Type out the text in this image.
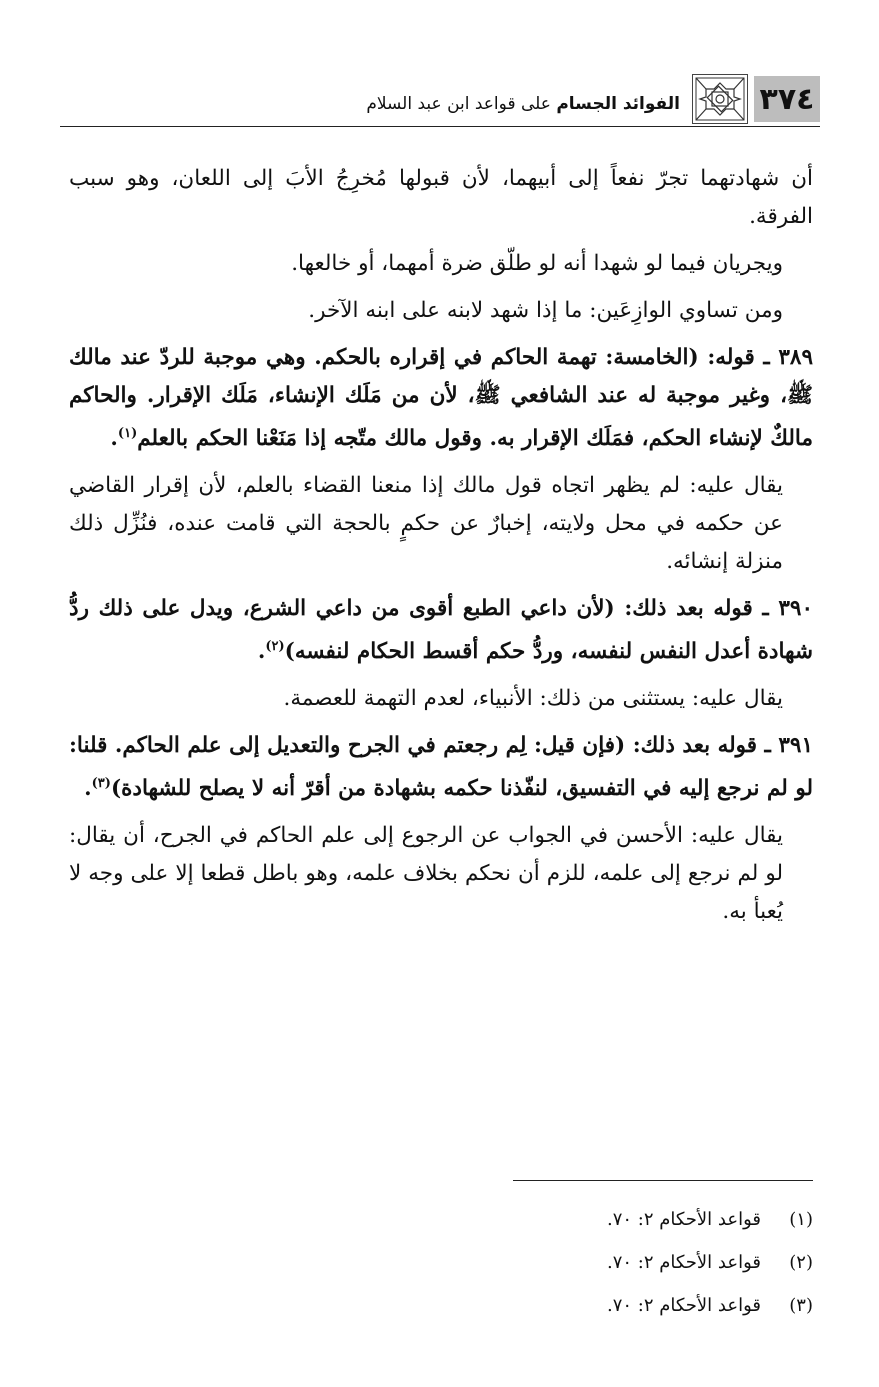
٣٧٤
الفوائد الجسام على قواعد ابن عبد السلام

أن شهادتهما تجرّ نفعاً إلى أبيهما، لأن قبولها مُخرِجُ الأبَ إلى اللعان، وهو سبب الفرقة.

ويجريان فيما لو شهدا أنه لو طلّق ضرة أمهما، أو خالعها.

ومن تساوي الوازِعَين: ما إذا شهد لابنه على ابنه الآخر.

٣٨٩ ـ قوله: (الخامسة: تهمة الحاكم في إقراره بالحكم. وهي موجبة للردّ عند مالك ﷺ، وغير موجبة له عند الشافعي ﷺ، لأن من مَلَك الإنشاء، مَلَك الإقرار. والحاكم مالكٌ لإنشاء الحكم، فمَلَك الإقرار به. وقول مالك متّجه إذا مَنَعْنا الحكم بالعلم$^{(١)}$.

يقال عليه: لم يظهر اتجاه قول مالك إذا منعنا القضاء بالعلم، لأن إقرار القاضي عن حكمه في محل ولايته، إخبارٌ عن حكمٍ بالحجة التي قامت عنده، فنُزِّل ذلك منزلة إنشائه.

٣٩٠ ـ قوله بعد ذلك: (لأن داعي الطبع أقوى من داعي الشرع، ويدل على ذلك ردُّ شهادة أعدل النفس لنفسه، وردُّ حكم أقسط الحكام لنفسه)$^{(٢)}$.

يقال عليه: يستثنى من ذلك: الأنبياء، لعدم التهمة للعصمة.

٣٩١ ـ قوله بعد ذلك: (فإن قيل: لِم رجعتم في الجرح والتعديل إلى علم الحاكم. قلنا: لو لم نرجع إليه في التفسيق، لنفّذنا حكمه بشهادة من أقرّ أنه لا يصلح للشهادة)$^{(٣)}$.

يقال عليه: الأحسن في الجواب عن الرجوع إلى علم الحاكم في الجرح، أن يقال: لو لم نرجع إلى علمه، للزم أن نحكم بخلاف علمه، وهو باطل قطعا إلا على وجه لا يُعبأ به.

(١)قواعد الأحكام ٢: ٧٠.
(٢)قواعد الأحكام ٢: ٧٠.
(٣)قواعد الأحكام ٢: ٧٠.
